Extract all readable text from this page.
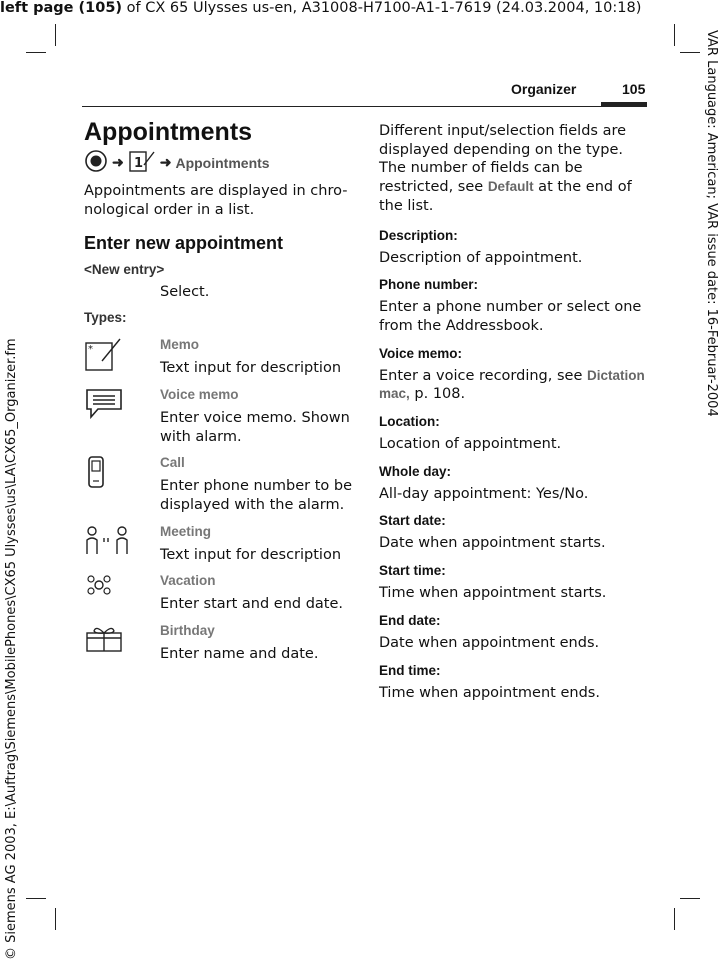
left page (105) of CX 65 Ulysses us-en, A31008-H7100-A1-1-7619 (24.03.2004, 10:18)
VAR Language: American; VAR issue date: 16-Februar-2004
© Siemens AG 2003, E:\Auftrag\Siemens\MobilePhones\CX65 Ulysses\us\LA\CX65_Organizer.fm
Organizer	105
Appointments
➜ 1 ➜ Appointments
Appointments are displayed in chro-nological order in a list.
Enter new appointment
<New entry>
Select.
Types:
*	Memo
Text input for description
Voice memo
Enter voice memo. Shown with alarm.
Call
Enter phone number to be displayed with the alarm.
Meeting
Text input for description
Vacation
Enter start and end date.
Birthday
Enter name and date.
Different input/selection fields are displayed depending on the type. The number of fields can be restricted, see Default at the end of the list.
Description:
Description of appointment.
Phone number:
Enter a phone number or select one from the Addressbook.
Voice memo:
Enter a voice recording, see Dictation mac, p. 108.
Location:
Location of appointment.
Whole day:
All-day appointment: Yes/No.
Start date:
Date when appointment starts.
Start time:
Time when appointment starts.
End date:
Date when appointment ends.
End time:
Time when appointment ends.
